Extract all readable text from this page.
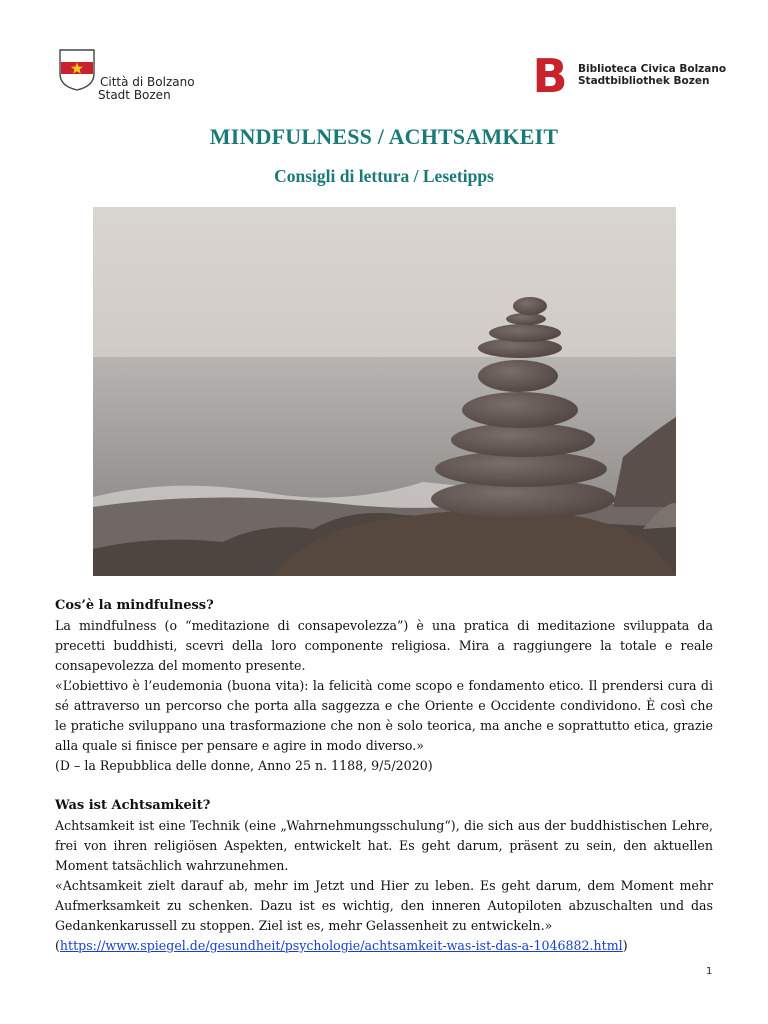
Città di Bolzano
Stadt Bozen	B Biblioteca Civica Bolzano
Stadtbibliothek Bozen
MINDFULNESS / ACHTSAMKEIT
Consigli di lettura / Lesetipps
Cos’è la mindfulness?

La mindfulness (o “meditazione di consapevolezza”) è una pratica di meditazione sviluppata da precetti buddhisti, scevri della loro componente religiosa. Mira a raggiungere la totale e reale consapevolezza del momento presente.

«L’obiettivo è l’eudemonia (buona vita): la felicità come scopo e fondamento etico. Il prendersi cura di sé attraverso un percorso che porta alla saggezza e che Oriente e Occidente condividono. È così che le pratiche sviluppano una trasformazione che non è solo teorica, ma anche e soprattutto etica, grazie alla quale si finisce per pensare e agire in modo diverso.»

(D – la Repubblica delle donne, Anno 25 n. 1188, 9/5/2020)

Was ist Achtsamkeit?

Achtsamkeit ist eine Technik (eine „Wahrnehmungsschulung“), die sich aus der buddhistischen Lehre, frei von ihren religiösen Aspekten, entwickelt hat. Es geht darum, präsent zu sein, den aktuellen Moment tatsächlich wahrzunehmen.

«Achtsamkeit zielt darauf ab, mehr im Jetzt und Hier zu leben. Es geht darum, dem Moment mehr Aufmerksamkeit zu schenken. Dazu ist es wichtig, den inneren Autopiloten abzuschalten und das Gedankenkarussell zu stoppen. Ziel ist es, mehr Gelassenheit zu entwickeln.»

(https://www.spiegel.de/gesundheit/psychologie/achtsamkeit-was-ist-das-a-1046882.html)

1
